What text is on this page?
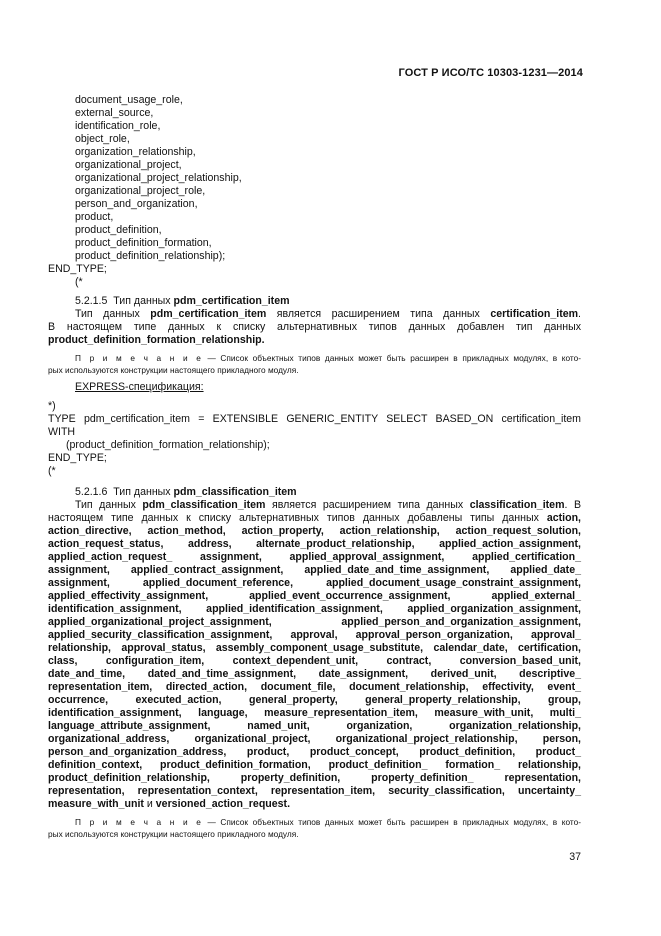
ГОСТ Р ИСО/ТС 10303-1231—2014
document_usage_role,
external_source,
identification_role,
object_role,
organization_relationship,
organizational_project,
organizational_project_relationship,
organizational_project_role,
person_and_organization,
product,
product_definition,
product_definition_formation,
product_definition_relationship);
END_TYPE;
(*
5.2.1.5 Тип данных pdm_certification_item
Тип данных pdm_certification_item является расширением типа данных certification_item.
В настоящем типе данных к списку альтернативных типов данных добавлен тип данных
product_definition_formation_relationship.
П р и м е ч а н и е — Список объектных типов данных может быть расширен в прикладных модулях, в кото-
рых используются конструкции настоящего прикладного модуля.
EXPRESS-спецификация:
*)
TYPE pdm_certification_item = EXTENSIBLE GENERIC_ENTITY SELECT BASED_ON certification_item
WITH
(product_definition_formation_relationship);
END_TYPE;
(*
5.2.1.6 Тип данных pdm_classification_item
Тип данных pdm_classification_item является расширением типа данных classification_item. В
настоящем типе данных к списку альтернативных типов данных добавлены типы данных action,
action_directive, action_method, action_property, action_relationship, action_request_solution,
action_request_status, address, alternate_product_relationship, applied_action_assignment,
applied_action_request_ assignment, applied_approval_assignment, applied_certification_
assignment, applied_contract_assignment, applied_date_and_time_assignment, applied_date_
assignment, applied_document_reference, applied_document_usage_constraint_assignment,
applied_effectivity_assignment, applied_event_occurrence_assignment, applied_external_
identification_assignment, applied_identification_assignment, applied_organization_assignment,
applied_organizational_project_assignment, applied_person_and_organization_assignment,
applied_security_classification_assignment, approval, approval_person_organization, approval_
relationship, approval_status, assembly_component_usage_substitute, calendar_date, certification,
class, configuration_item, context_dependent_unit, contract, conversion_based_unit,
date_and_time, dated_and_time_assignment, date_assignment, derived_unit, descriptive_
representation_item, directed_action, document_file, document_relationship, effectivity, event_
occurrence, executed_action, general_property, general_property_relationship, group,
identification_assignment, language, measure_representation_item, measure_with_unit, multi_
language_attribute_assignment, named_unit, organization, organization_relationship,
organizational_address, organizational_project, organizational_project_relationship, person,
person_and_organization_address, product, product_concept, product_definition, product_
definition_context, product_definition_formation, product_definition_ formation_ relationship,
product_definition_relationship, property_definition, property_definition_ representation,
representation, representation_context, representation_item, security_classification, uncertainty_
measure_with_unit и versioned_action_request.
П р и м е ч а н и е — Список объектных типов данных может быть расширен в прикладных модулях, в кото-
рых используются конструкции настоящего прикладного модуля.
37
